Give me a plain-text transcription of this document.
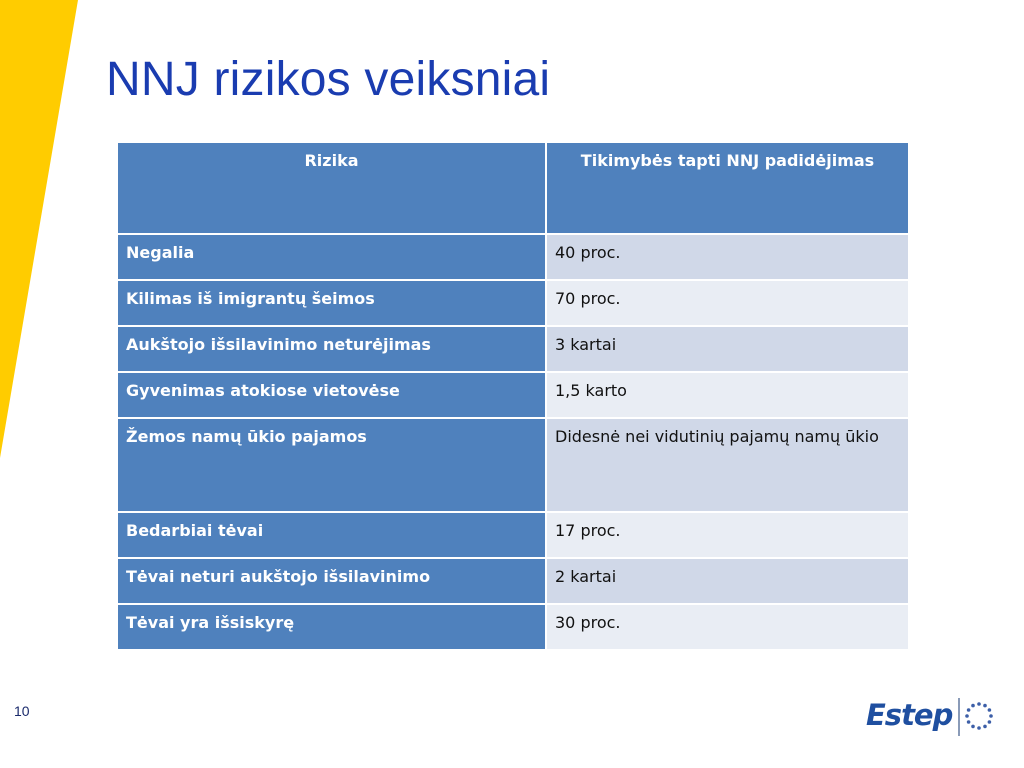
NNJ rizikos veiksniai
Rizika	Tikimybės tapti NNJ padidėjimas
Negalia	40 proc.
Kilimas iš imigrantų šeimos	70 proc.
Aukštojo išsilavinimo neturėjimas	3 kartai
Gyvenimas atokiose vietovėse	1,5 karto
Žemos namų ūkio pajamos	Didesnė nei vidutinių pajamų namų ūkio
Bedarbiai tėvai	17 proc.
Tėvai neturi aukštojo išsilavinimo	2 kartai
Tėvai yra išsiskyrę	30 proc.
10	Estep
